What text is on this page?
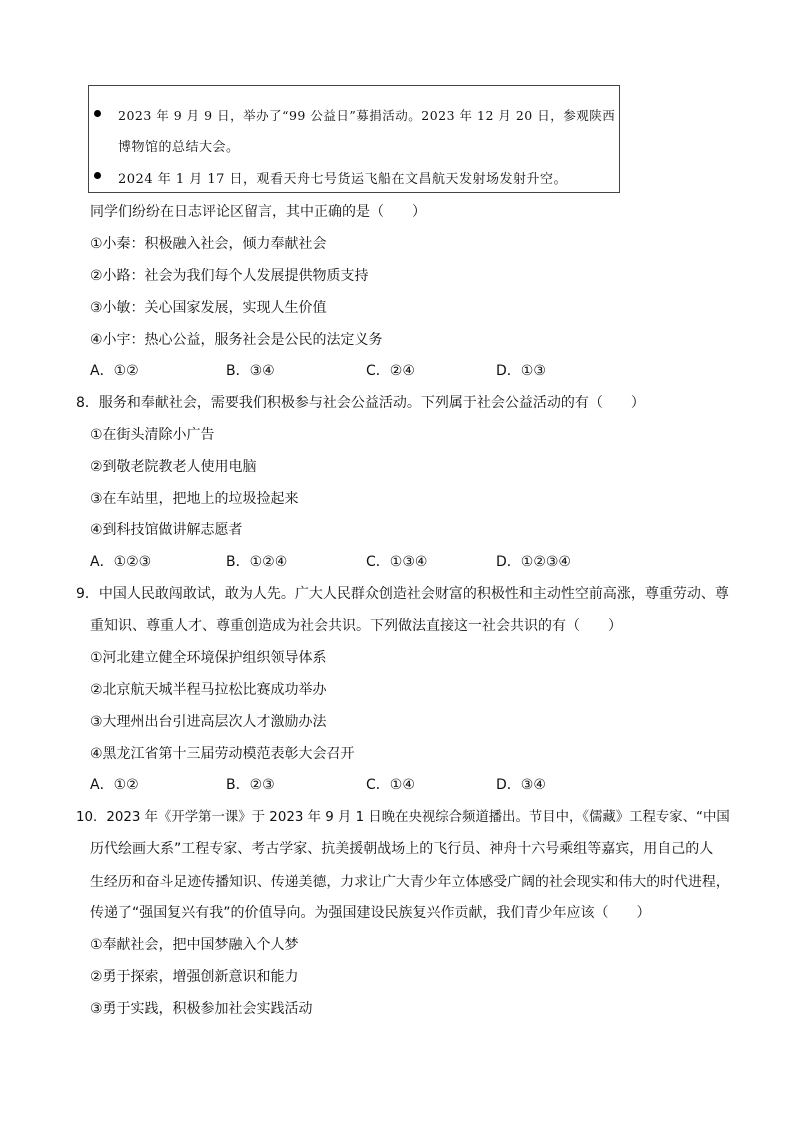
2023 年 9 月 9 日，举办了“99 公益日”募捐活动。2023 年 12 月 20 日，参观陕西
博物馆的总结大会。
2024 年 1 月 17 日，观看天舟七号货运飞船在文昌航天发射场发射升空。
同学们纷纷在日志评论区留言，其中正确的是（　　）
①小秦：积极融入社会，倾力奉献社会
②小路：社会为我们每个人发展提供物质支持
③小敏：关心国家发展，实现人生价值
④小宇：热心公益，服务社会是公民的法定义务
A．①②	B．③④	C．②④	D．①③
8．服务和奉献社会，需要我们积极参与社会公益活动。下列属于社会公益活动的有（　　）
①在街头清除小广告
②到敬老院教老人使用电脑
③在车站里，把地上的垃圾捡起来
④到科技馆做讲解志愿者
A．①②③	B．①②④	C．①③④	D．①②③④
9．中国人民敢闯敢试，敢为人先。广大人民群众创造社会财富的积极性和主动性空前高涨，尊重劳动、尊
重知识、尊重人才、尊重创造成为社会共识。下列做法直接这一社会共识的有（　　）
①河北建立健全环境保护组织领导体系
②北京航天城半程马拉松比赛成功举办
③大理州出台引进高层次人才激励办法
④黑龙江省第十三届劳动模范表彰大会召开
A．①②	B．②③	C．①④	D．③④
10．2023 年《开学第一课》于 2023 年 9 月 1 日晚在央视综合频道播出。节目中，《儒藏》工程专家、“中国
历代绘画大系”工程专家、考古学家、抗美援朝战场上的飞行员、神舟十六号乘组等嘉宾，用自己的人
生经历和奋斗足迹传播知识、传递美德，力求让广大青少年立体感受广阔的社会现实和伟大的时代进程，
传递了“强国复兴有我”的价值导向。为强国建设民族复兴作贡献，我们青少年应该（　　）
①奉献社会，把中国梦融入个人梦
②勇于探索，增强创新意识和能力
③勇于实践，积极参加社会实践活动
